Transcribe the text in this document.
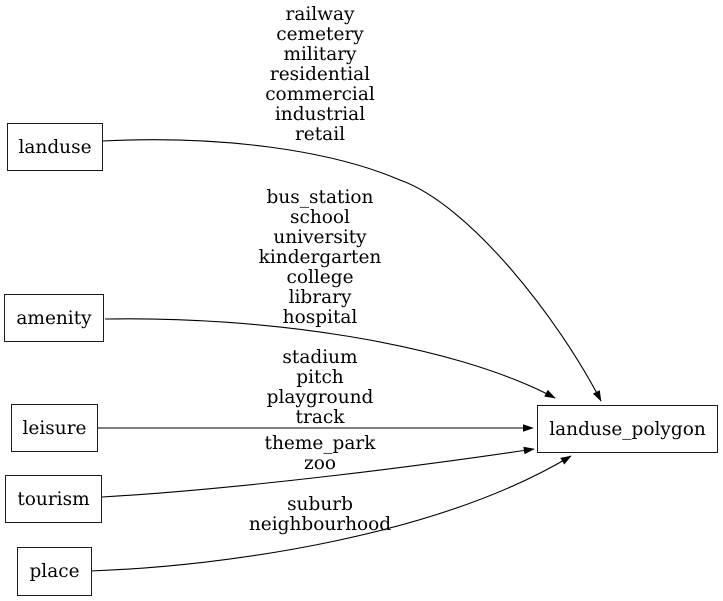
landuse
amenity
leisure
tourism
place
landuse_polygon
railway
cemetery
military
residential
commercial
industrial
retail
bus_station
school
university
kindergarten
college
library
hospital
stadium
pitch
playground
track
theme_park
zoo
suburb
neighbourhood
